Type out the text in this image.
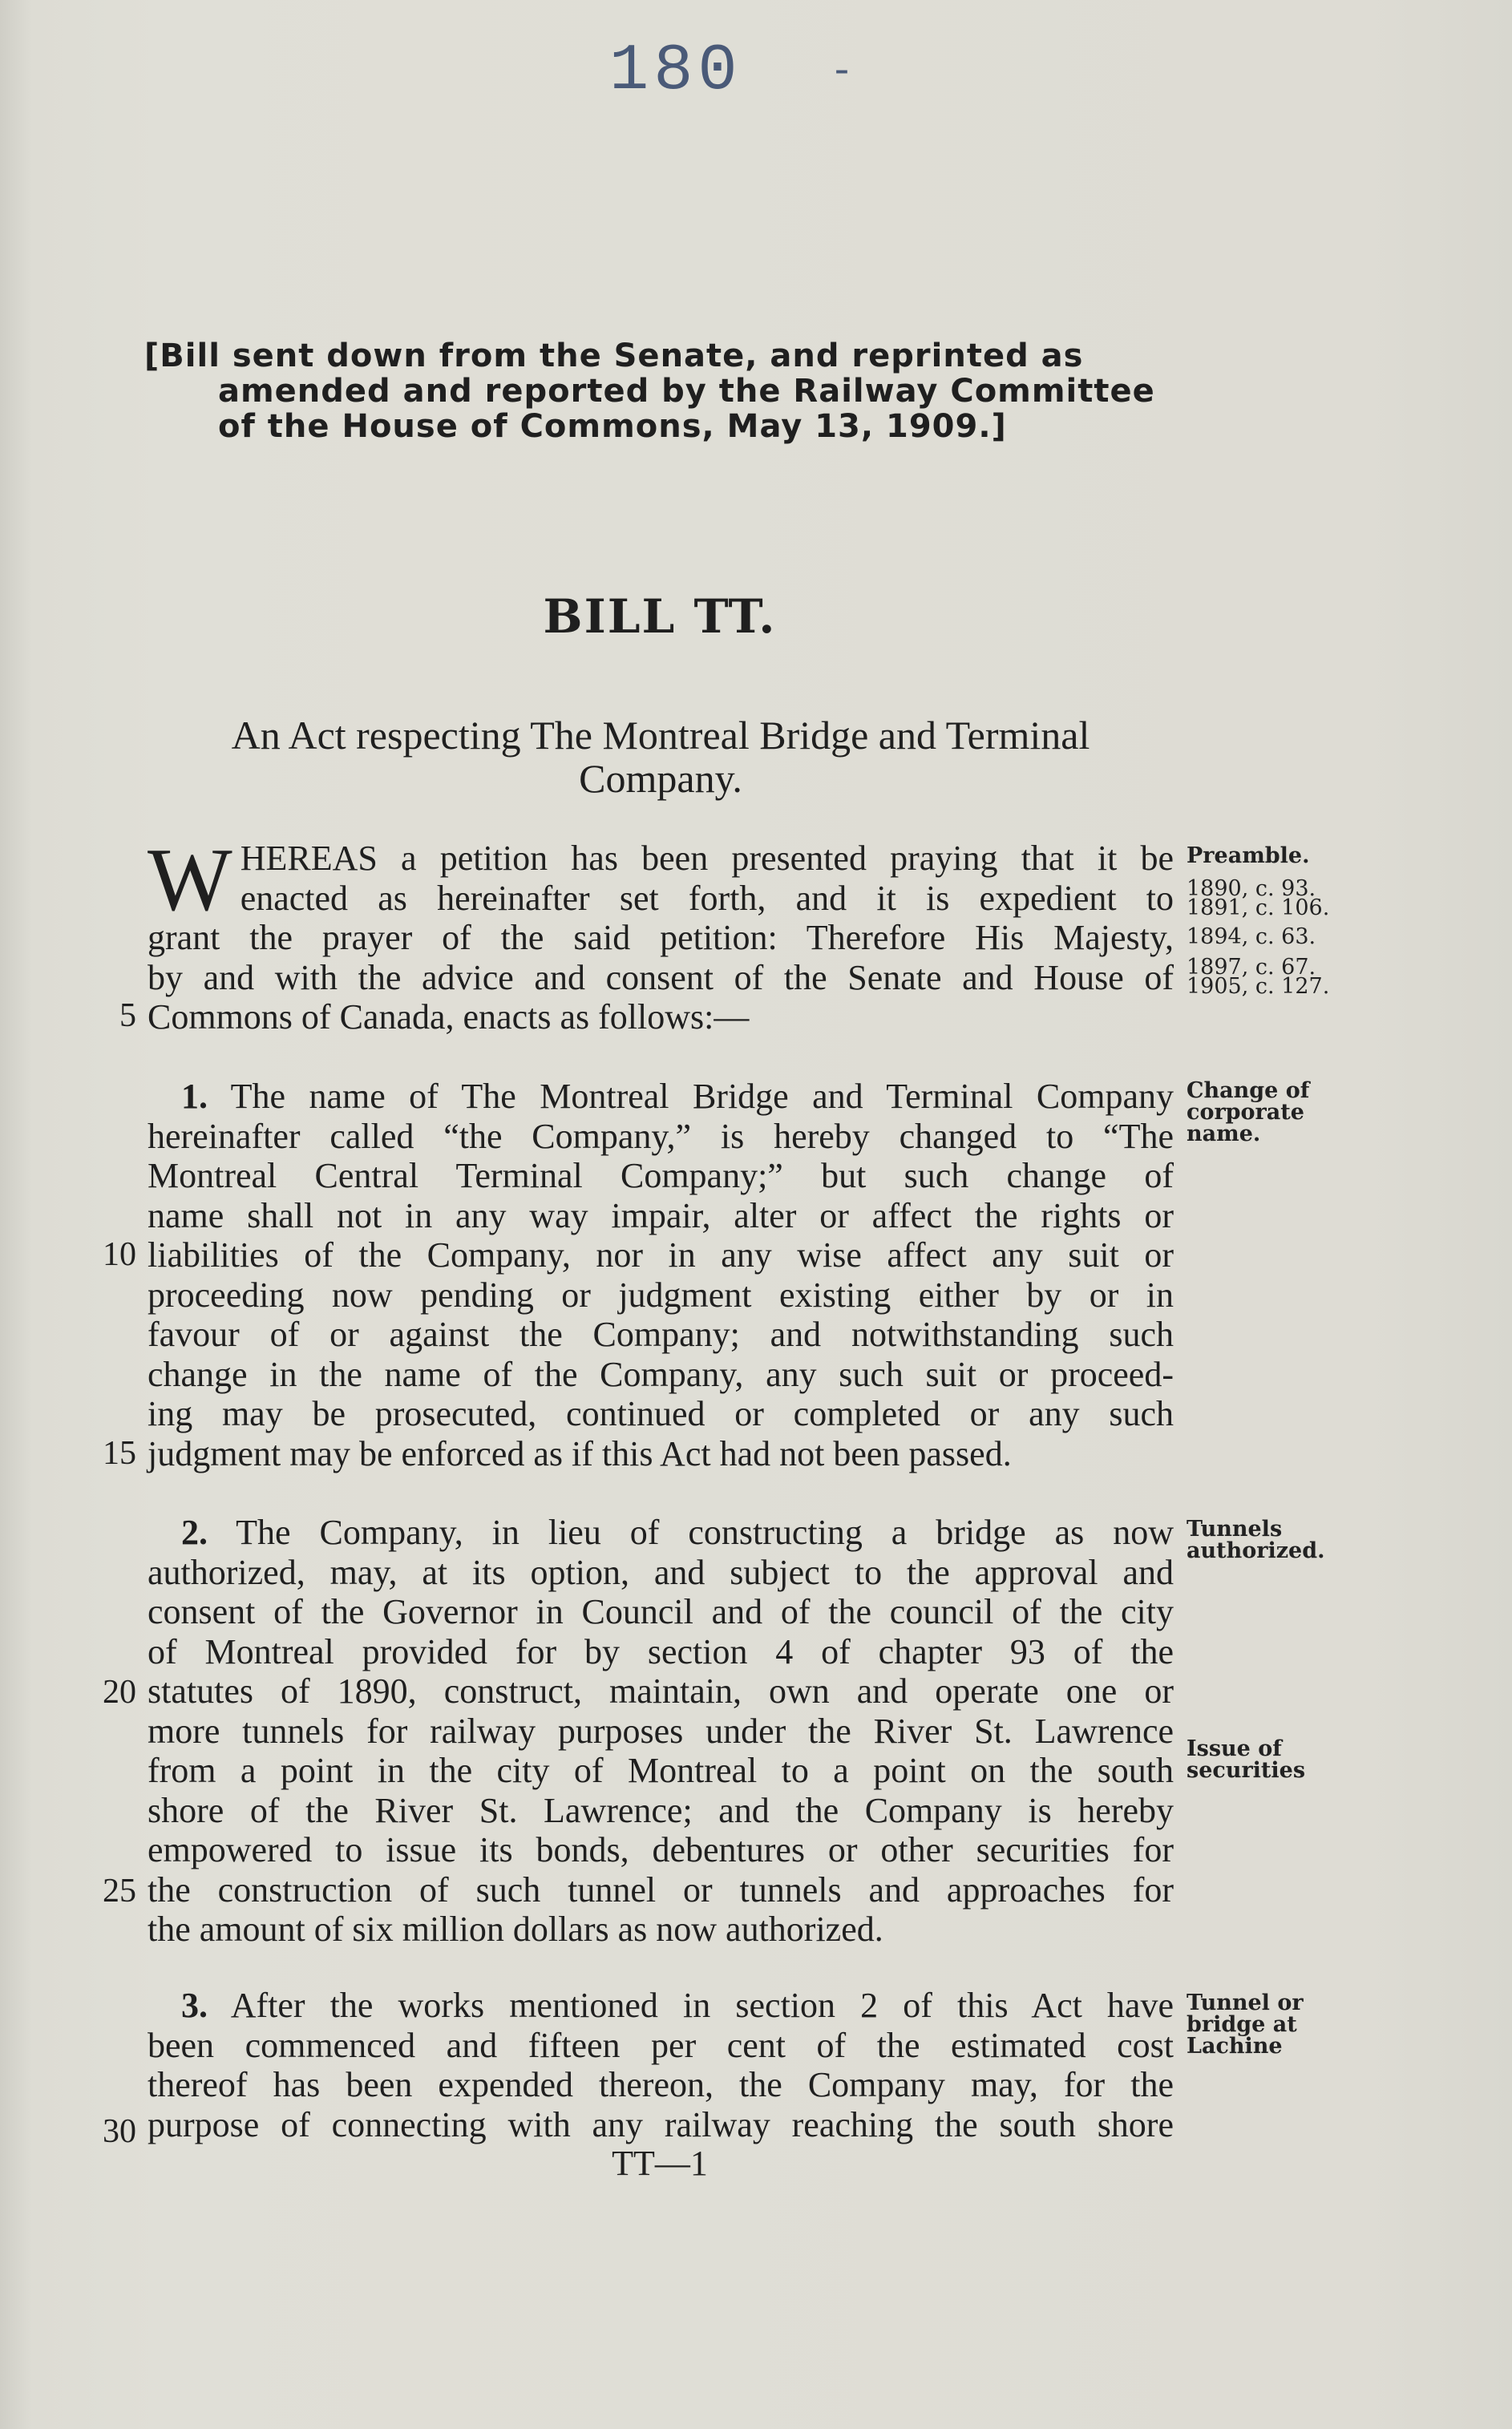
180 -
[Bill sent down from the Senate, and reprinted as
amended and reported by the Railway Committee
of the House of Commons, May 13, 1909.]
BILL TT.
An Act respecting The Montreal Bridge and Terminal
Company.
W HEREAS a petition has been presented praying that it be
enacted as hereinafter set forth, and it is expedient to
grant the prayer of the said petition: Therefore His Majesty,
by and with the advice and consent of the Senate and House of
Commons of Canada, enacts as follows:—
1. The name of The Montreal Bridge and Terminal Company
hereinafter called “the Company,” is hereby changed to “The
Montreal Central Terminal Company;” but such change of
name shall not in any way impair, alter or affect the rights or
liabilities of the Company, nor in any wise affect any suit or
proceeding now pending or judgment existing either by or in
favour of or against the Company; and notwithstanding such
change in the name of the Company, any such suit or proceed-
ing may be prosecuted, continued or completed or any such
judgment may be enforced as if this Act had not been passed.
2. The Company, in lieu of constructing a bridge as now
authorized, may, at its option, and subject to the approval and
consent of the Governor in Council and of the council of the city
of Montreal provided for by section 4 of chapter 93 of the
statutes of 1890, construct, maintain, own and operate one or
more tunnels for railway purposes under the River St. Lawrence
from a point in the city of Montreal to a point on the south
shore of the River St. Lawrence; and the Company is hereby
empowered to issue its bonds, debentures or other securities for
the construction of such tunnel or tunnels and approaches for
the amount of six million dollars as now authorized.
3. After the works mentioned in section 2 of this Act have
been commenced and fifteen per cent of the estimated cost
thereof has been expended thereon, the Company may, for the
purpose of connecting with any railway reaching the south shore
5
10
15
20
25
30
Preamble.
1890, c. 93.
1891, c. 106.
1894, c. 63.
1897, c. 67.
1905, c. 127.
Change of
corporate
name.
Tunnels
authorized.
Issue of
securities
Tunnel or
bridge at
Lachine
TT—1
